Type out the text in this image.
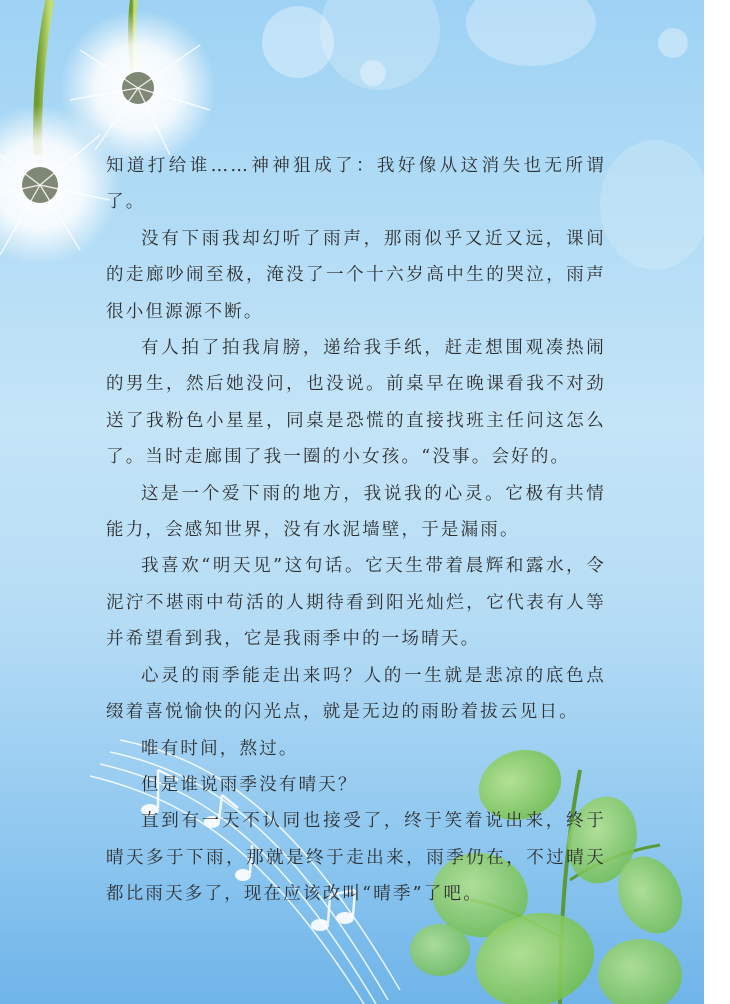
知道打给谁……神神狙成了：我好像从这消失也无所谓了。

没有下雨我却幻听了雨声，那雨似乎又近又远，课间的走廊吵闹至极，淹没了一个十六岁高中生的哭泣，雨声很小但源源不断。

有人拍了拍我肩膀，递给我手纸，赶走想围观凑热闹的男生，然后她没问，也没说。前桌早在晚课看我不对劲送了我粉色小星星，同桌是恐慌的直接找班主任问这怎么了。当时走廊围了我一圈的小女孩。“没事。会好的。

这是一个爱下雨的地方，我说我的心灵。它极有共情能力，会感知世界，没有水泥墙壁，于是漏雨。

我喜欢“明天见”这句话。它天生带着晨辉和露水，令泥泞不堪雨中苟活的人期待看到阳光灿烂，它代表有人等并希望看到我，它是我雨季中的一场晴天。

心灵的雨季能走出来吗？人的一生就是悲凉的底色点缀着喜悦愉快的闪光点，就是无边的雨盼着拔云见日。

唯有时间，熬过。

但是谁说雨季没有晴天？

直到有一天不认同也接受了，终于笑着说出来，终于晴天多于下雨，那就是终于走出来，雨季仍在，不过晴天都比雨天多了，现在应该改叫“晴季”了吧。
